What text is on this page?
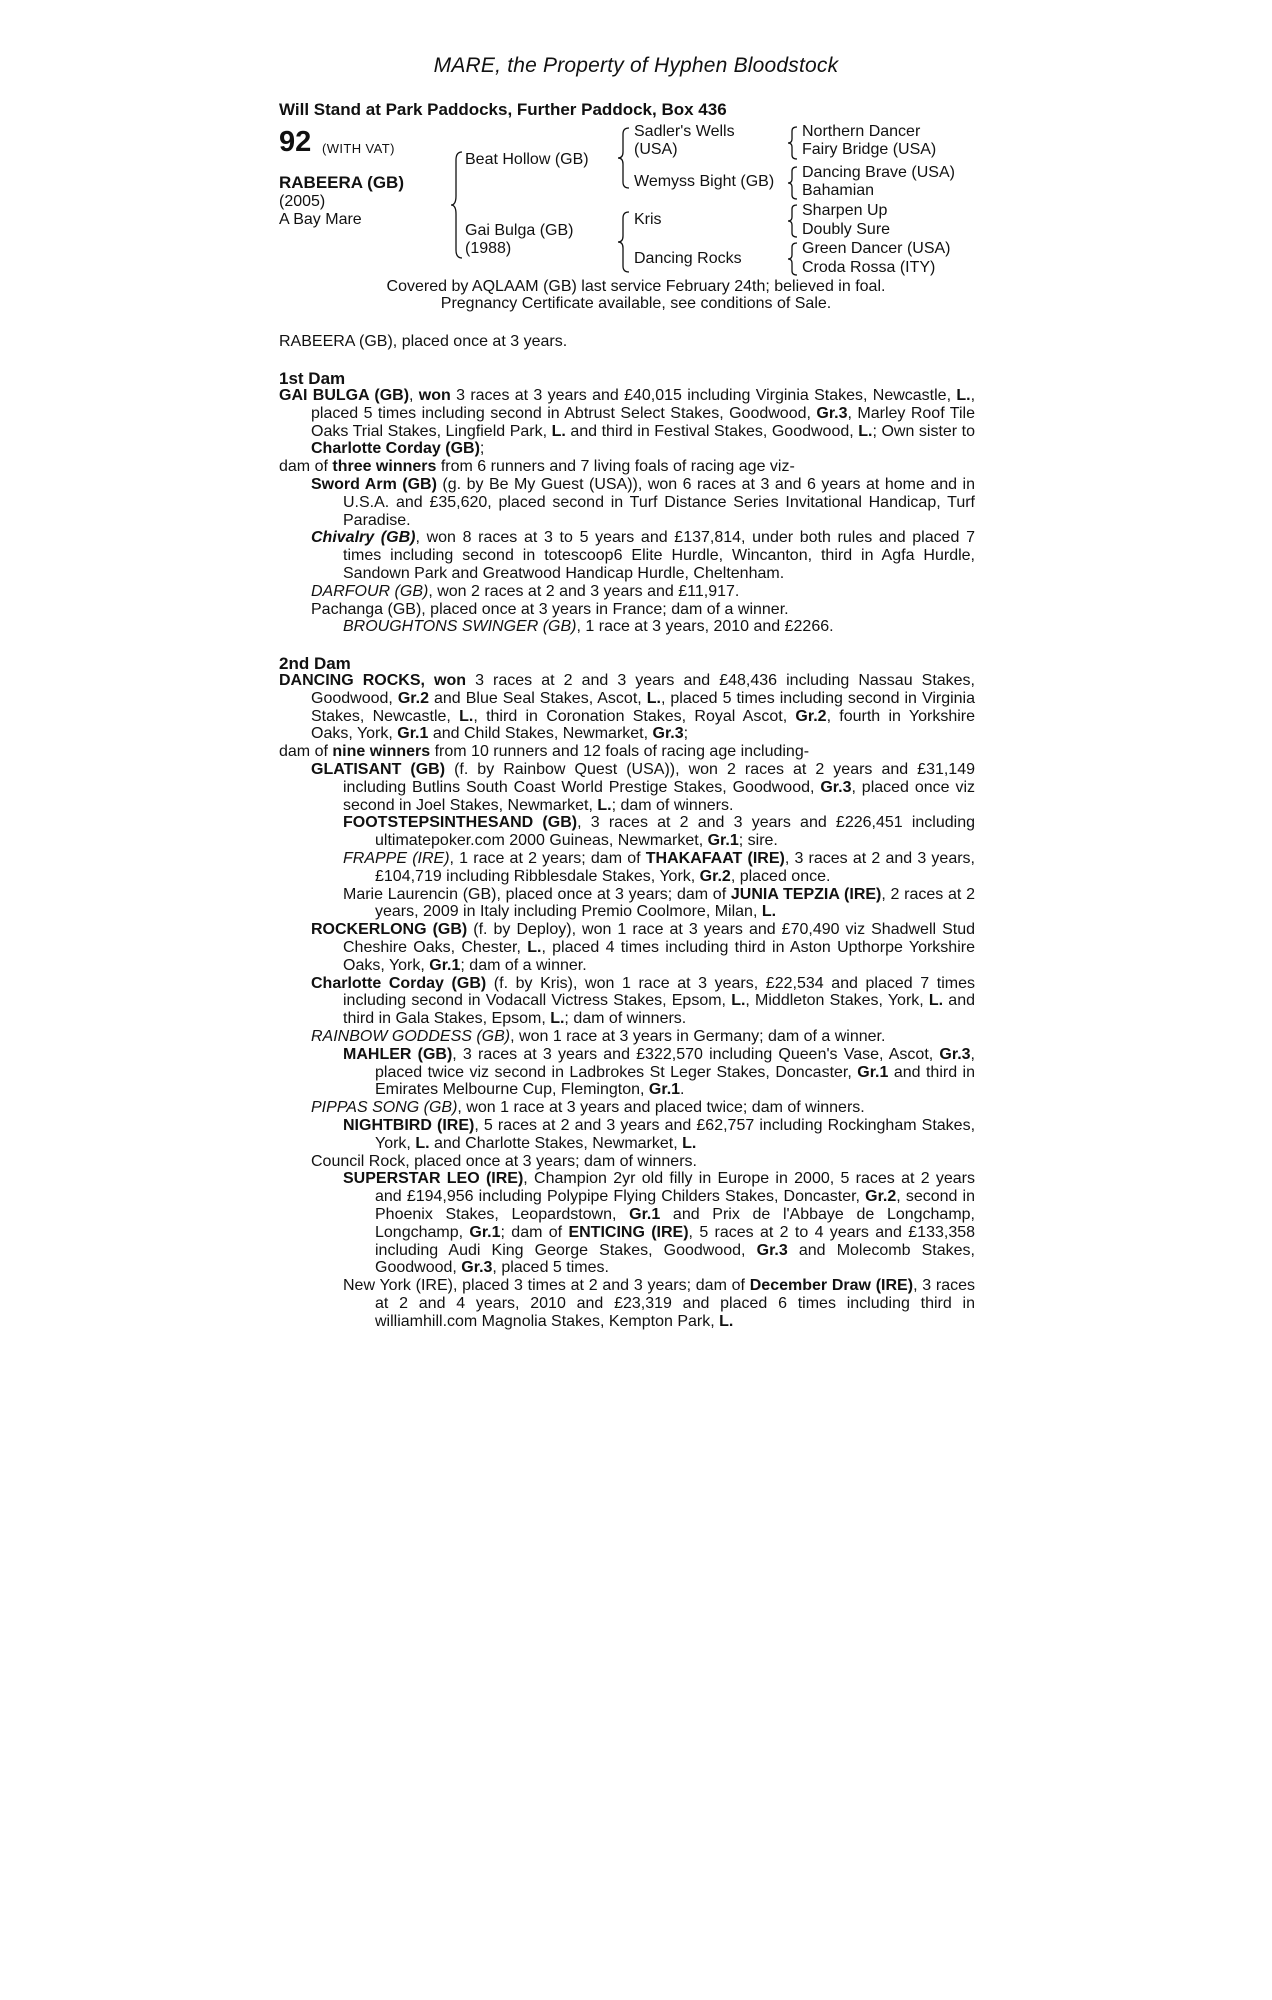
MARE, the Property of Hyphen Bloodstock
Will Stand at Park Paddocks, Further Paddock, Box 436
92 (WITH VAT)
RABEERA (GB)
(2005)
A Bay Mare
Beat Hollow (GB)
Gai Bulga (GB)
(1988)
Sadler's Wells
(USA)
Wemyss Bight (GB)
Kris
Dancing Rocks
Northern Dancer
Fairy Bridge (USA)
Dancing Brave (USA)
Bahamian
Sharpen Up
Doubly Sure
Green Dancer (USA)
Croda Rossa (ITY)
Covered by AQLAAM (GB) last service February 24th; believed in foal.
Pregnancy Certificate available, see conditions of Sale.
RABEERA (GB), placed once at 3 years.
1st Dam

GAI BULGA (GB), won 3 races at 3 years and £40,015 including Virginia Stakes, Newcastle, L., placed 5 times including second in Abtrust Select Stakes, Goodwood, Gr.3, Marley Roof Tile Oaks Trial Stakes, Lingfield Park, L. and third in Festival Stakes, Goodwood, L.; Own sister to Charlotte Corday (GB);

dam of three winners from 6 runners and 7 living foals of racing age viz-

Sword Arm (GB) (g. by Be My Guest (USA)), won 6 races at 3 and 6 years at home and in U.S.A. and £35,620, placed second in Turf Distance Series Invitational Handicap, Turf Paradise.

Chivalry (GB), won 8 races at 3 to 5 years and £137,814, under both rules and placed 7 times including second in totescoop6 Elite Hurdle, Wincanton, third in Agfa Hurdle, Sandown Park and Greatwood Handicap Hurdle, Cheltenham.

DARFOUR (GB), won 2 races at 2 and 3 years and £11,917.

Pachanga (GB), placed once at 3 years in France; dam of a winner.

BROUGHTONS SWINGER (GB), 1 race at 3 years, 2010 and £2266.

2nd Dam

DANCING ROCKS, won 3 races at 2 and 3 years and £48,436 including Nassau Stakes, Goodwood, Gr.2 and Blue Seal Stakes, Ascot, L., placed 5 times including second in Virginia Stakes, Newcastle, L., third in Coronation Stakes, Royal Ascot, Gr.2, fourth in Yorkshire Oaks, York, Gr.1 and Child Stakes, Newmarket, Gr.3;

dam of nine winners from 10 runners and 12 foals of racing age including-

GLATISANT (GB) (f. by Rainbow Quest (USA)), won 2 races at 2 years and £31,149 including Butlins South Coast World Prestige Stakes, Goodwood, Gr.3, placed once viz second in Joel Stakes, Newmarket, L.; dam of winners.

FOOTSTEPSINTHESAND (GB), 3 races at 2 and 3 years and £226,451 including ultimatepoker.com 2000 Guineas, Newmarket, Gr.1; sire.

FRAPPE (IRE), 1 race at 2 years; dam of THAKAFAAT (IRE), 3 races at 2 and 3 years, £104,719 including Ribblesdale Stakes, York, Gr.2, placed once.

Marie Laurencin (GB), placed once at 3 years; dam of JUNIA TEPZIA (IRE), 2 races at 2 years, 2009 in Italy including Premio Coolmore, Milan, L.

ROCKERLONG (GB) (f. by Deploy), won 1 race at 3 years and £70,490 viz Shadwell Stud Cheshire Oaks, Chester, L., placed 4 times including third in Aston Upthorpe Yorkshire Oaks, York, Gr.1; dam of a winner.

Charlotte Corday (GB) (f. by Kris), won 1 race at 3 years, £22,534 and placed 7 times including second in Vodacall Victress Stakes, Epsom, L., Middleton Stakes, York, L. and third in Gala Stakes, Epsom, L.; dam of winners.

RAINBOW GODDESS (GB), won 1 race at 3 years in Germany; dam of a winner.

MAHLER (GB), 3 races at 3 years and £322,570 including Queen's Vase, Ascot, Gr.3, placed twice viz second in Ladbrokes St Leger Stakes, Doncaster, Gr.1 and third in Emirates Melbourne Cup, Flemington, Gr.1.

PIPPAS SONG (GB), won 1 race at 3 years and placed twice; dam of winners.

NIGHTBIRD (IRE), 5 races at 2 and 3 years and £62,757 including Rockingham Stakes, York, L. and Charlotte Stakes, Newmarket, L.

Council Rock, placed once at 3 years; dam of winners.

SUPERSTAR LEO (IRE), Champion 2yr old filly in Europe in 2000, 5 races at 2 years and £194,956 including Polypipe Flying Childers Stakes, Doncaster, Gr.2, second in Phoenix Stakes, Leopardstown, Gr.1 and Prix de l'Abbaye de Longchamp, Longchamp, Gr.1; dam of ENTICING (IRE), 5 races at 2 to 4 years and £133,358 including Audi King George Stakes, Goodwood, Gr.3 and Molecomb Stakes, Goodwood, Gr.3, placed 5 times.

New York (IRE), placed 3 times at 2 and 3 years; dam of December Draw (IRE), 3 races at 2 and 4 years, 2010 and £23,319 and placed 6 times including third in williamhill.com Magnolia Stakes, Kempton Park, L.
